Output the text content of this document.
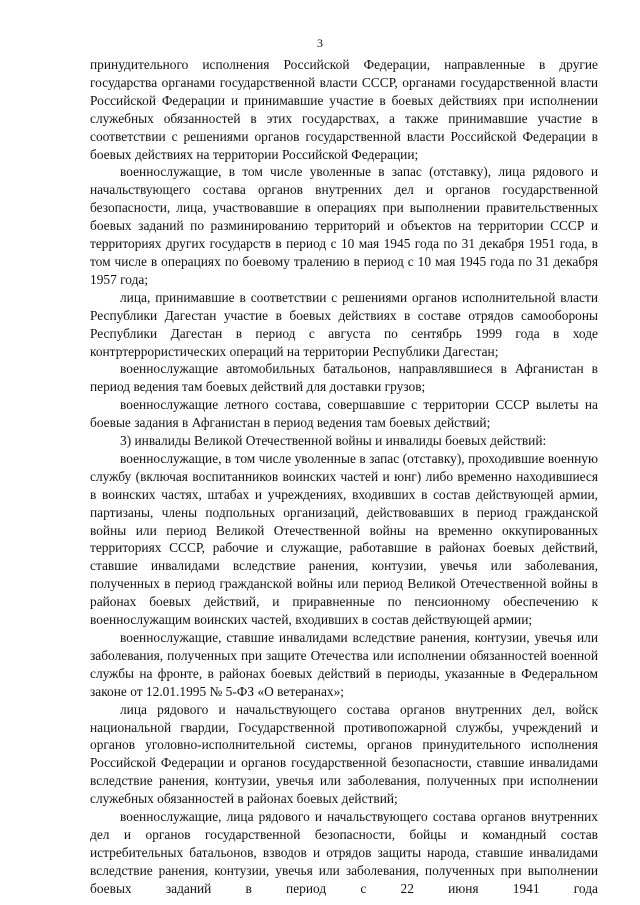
3

принудительного исполнения Российской Федерации, направленные в другие государства органами государственной власти СССР, органами государственной власти Российской Федерации и принимавшие участие в боевых действиях при исполнении служебных обязанностей в этих государствах, а также принимавшие участие в соответствии с решениями органов государственной власти Российской Федерации в боевых действиях на территории Российской Федерации;

военнослужащие, в том числе уволенные в запас (отставку), лица рядового и начальствующего состава органов внутренних дел и органов государственной безопасности, лица, участвовавшие в операциях при выполнении правительственных боевых заданий по разминированию территорий и объектов на территории СССР и территориях других государств в период с 10 мая 1945 года по 31 декабря 1951 года, в том числе в операциях по боевому тралению в период с 10 мая 1945 года по 31 декабря 1957 года;

лица, принимавшие в соответствии с решениями органов исполнительной власти Республики Дагестан участие в боевых действиях в составе отрядов самообороны Республики Дагестан в период с августа по сентябрь 1999 года в ходе контртеррористических операций на территории Республики Дагестан;

военнослужащие автомобильных батальонов, направлявшиеся в Афганистан в период ведения там боевых действий для доставки грузов;

военнослужащие летного состава, совершавшие с территории СССР вылеты на боевые задания в Афганистан в период ведения там боевых действий;

3) инвалиды Великой Отечественной войны и инвалиды боевых действий:

военнослужащие, в том числе уволенные в запас (отставку), проходившие военную службу (включая воспитанников воинских частей и юнг) либо временно находившиеся в воинских частях, штабах и учреждениях, входивших в состав действующей армии, партизаны, члены подпольных организаций, действовавших в период гражданской войны или период Великой Отечественной войны на временно оккупированных территориях СССР, рабочие и служащие, работавшие в районах боевых действий, ставшие инвалидами вследствие ранения, контузии, увечья или заболевания, полученных в период гражданской войны или период Великой Отечественной войны в районах боевых действий, и приравненные по пенсионному обеспечению к военнослужащим воинских частей, входивших в состав действующей армии;

военнослужащие, ставшие инвалидами вследствие ранения, контузии, увечья или заболевания, полученных при защите Отечества или исполнении обязанностей военной службы на фронте, в районах боевых действий в периоды, указанные в Федеральном законе от 12.01.1995 № 5-ФЗ «О ветеранах»;

лица рядового и начальствующего состава органов внутренних дел, войск национальной гвардии, Государственной противопожарной службы, учреждений и органов уголовно-исполнительной системы, органов принудительного исполнения Российской Федерации и органов государственной безопасности, ставшие инвалидами вследствие ранения, контузии, увечья или заболевания, полученных при исполнении служебных обязанностей в районах боевых действий;

военнослужащие, лица рядового и начальствующего состава органов внутренних дел и органов государственной безопасности, бойцы и командный состав истребительных батальонов, взводов и отрядов защиты народа, ставшие инвалидами вследствие ранения, контузии, увечья или заболевания, полученных при выполнении боевых заданий в период с 22 июня 1941 года
